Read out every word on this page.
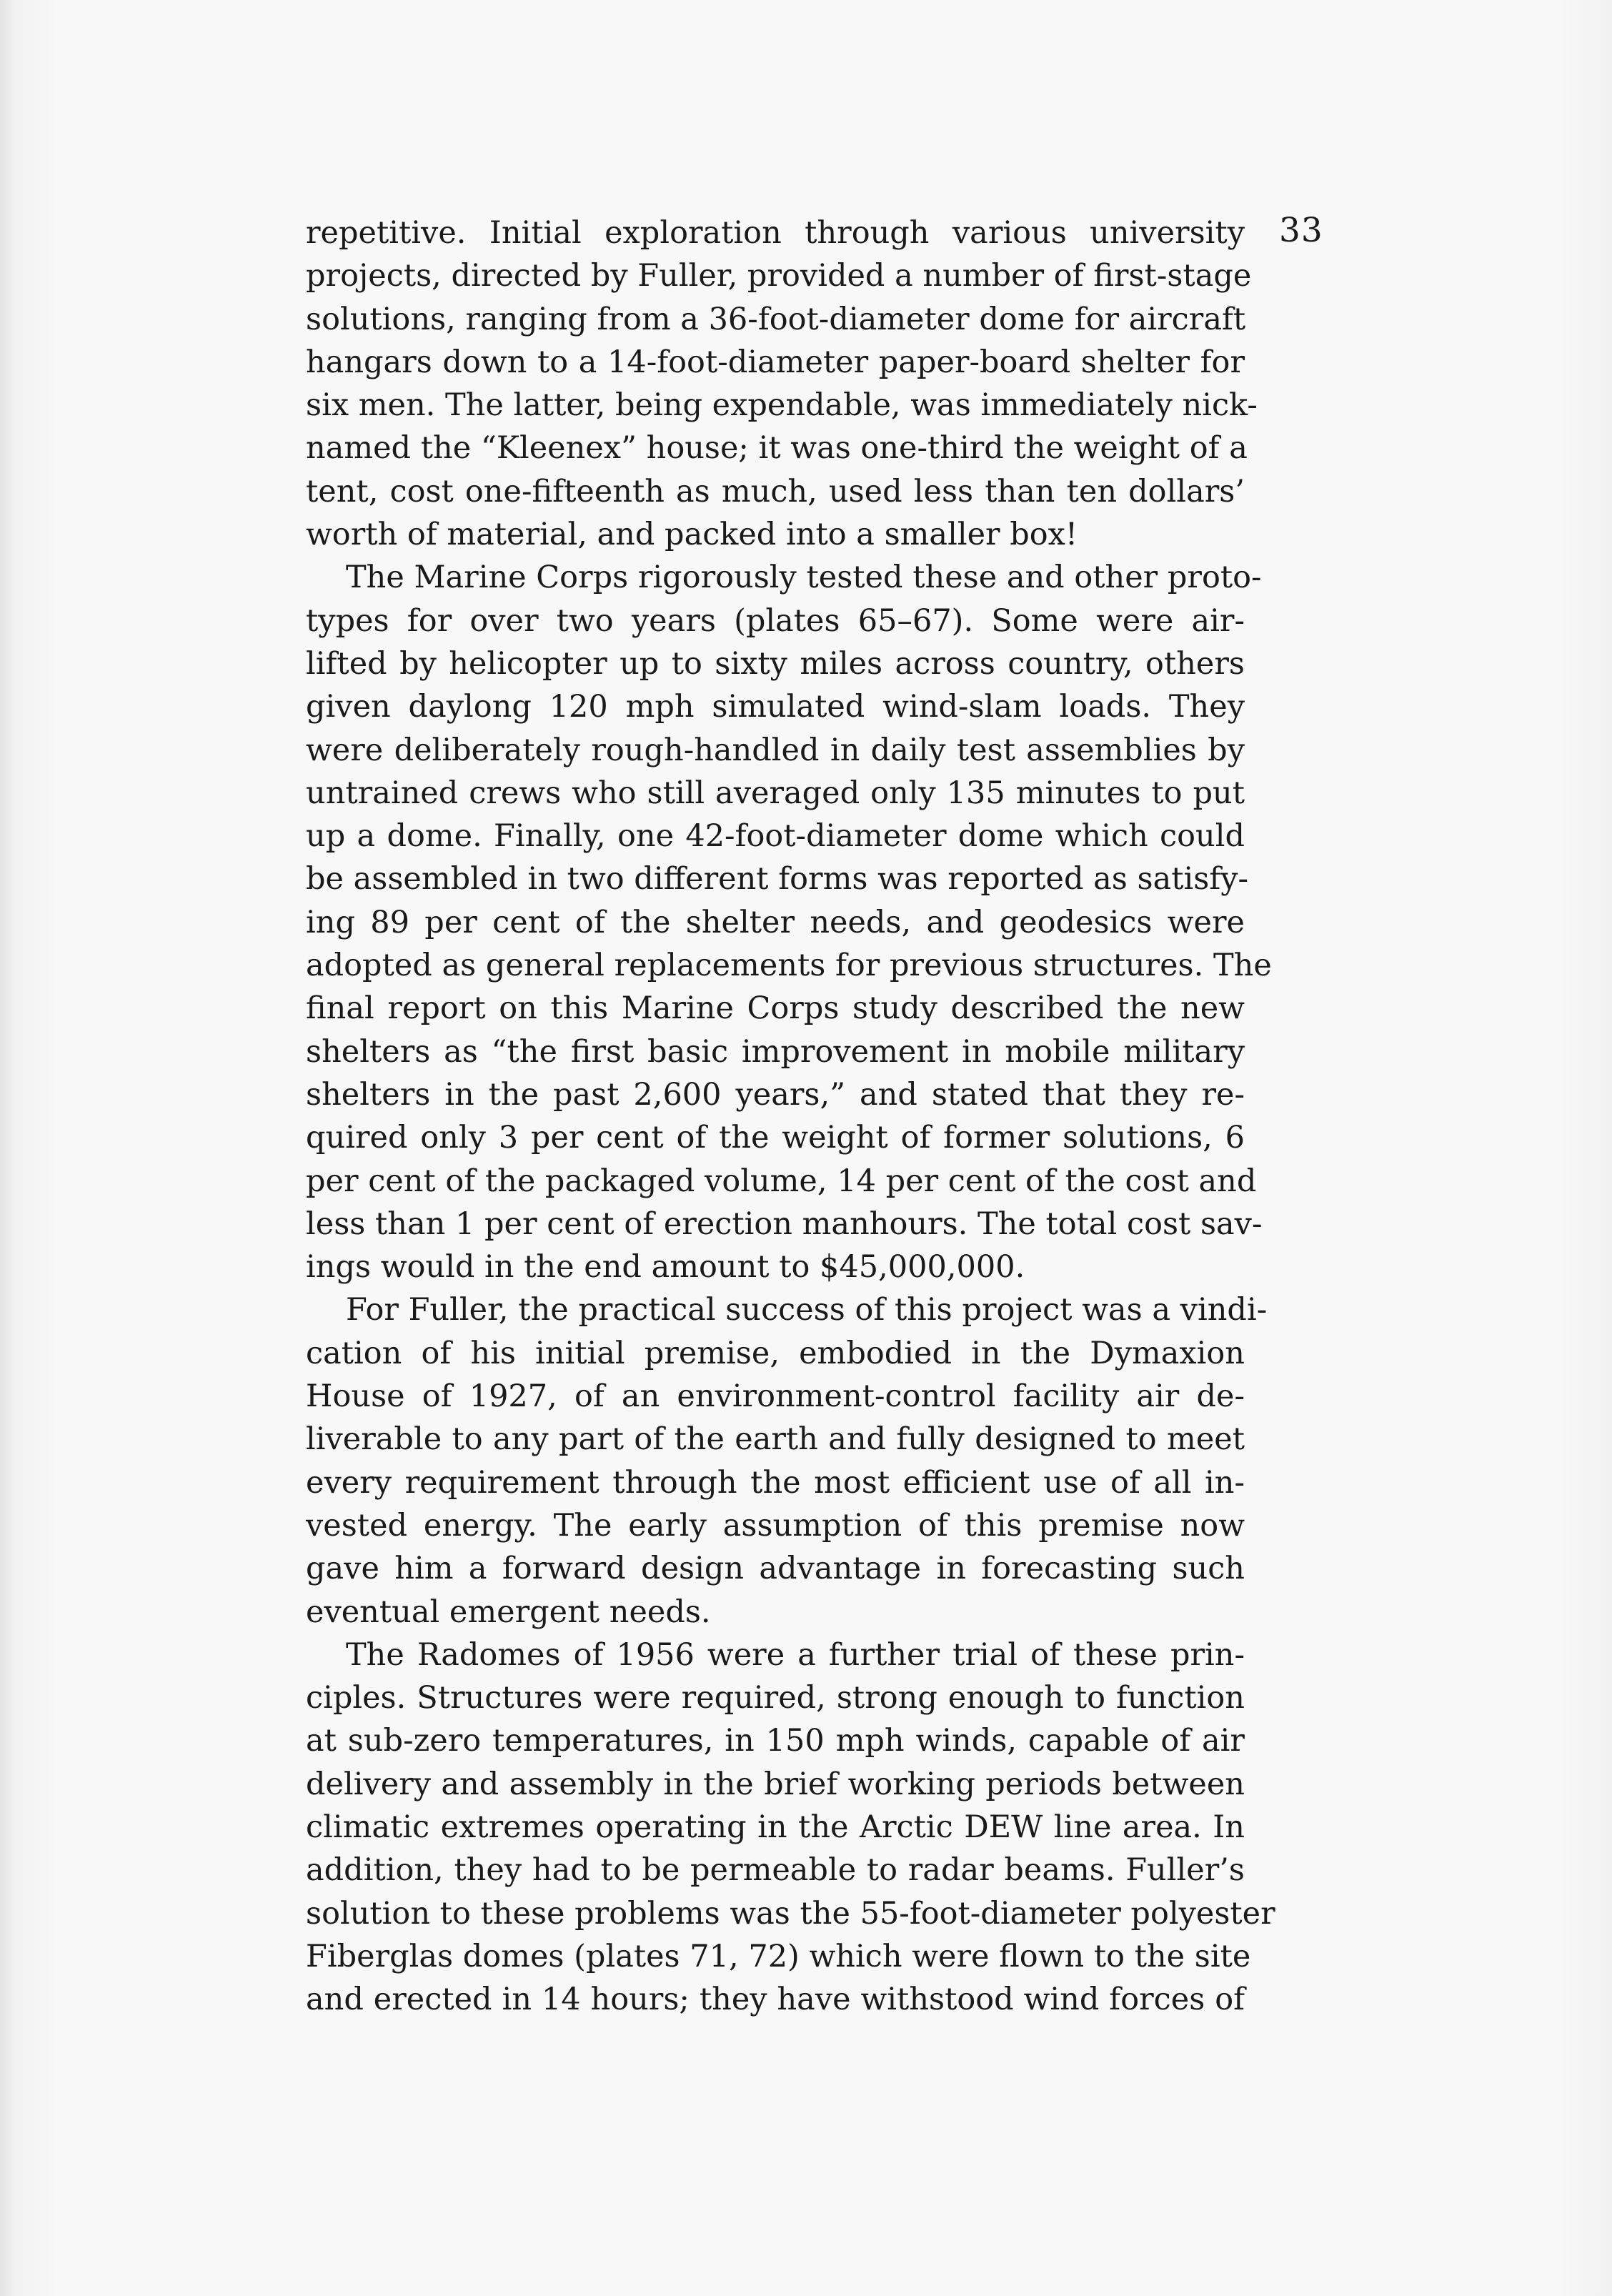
33
repetitive. Initial exploration through various university
projects, directed by Fuller, provided a number of first-stage
solutions, ranging from a 36-foot-diameter dome for aircraft
hangars down to a 14-foot-diameter paper-board shelter for
six men. The latter, being expendable, was immediately nick-
named the “Kleenex” house; it was one-third the weight of a
tent, cost one-fifteenth as much, used less than ten dollars’
worth of material, and packed into a smaller box!
The Marine Corps rigorously tested these and other proto-
types for over two years (plates 65–67). Some were air-
lifted by helicopter up to sixty miles across country, others
given daylong 120 mph simulated wind-slam loads. They
were deliberately rough-handled in daily test assemblies by
untrained crews who still averaged only 135 minutes to put
up a dome. Finally, one 42-foot-diameter dome which could
be assembled in two different forms was reported as satisfy-
ing 89 per cent of the shelter needs, and geodesics were
adopted as general replacements for previous structures. The
final report on this Marine Corps study described the new
shelters as “the first basic improvement in mobile military
shelters in the past 2,600 years,” and stated that they re-
quired only 3 per cent of the weight of former solutions, 6
per cent of the packaged volume, 14 per cent of the cost and
less than 1 per cent of erection manhours. The total cost sav-
ings would in the end amount to $45,000,000.
For Fuller, the practical success of this project was a vindi-
cation of his initial premise, embodied in the Dymaxion
House of 1927, of an environment-control facility air de-
liverable to any part of the earth and fully designed to meet
every requirement through the most efficient use of all in-
vested energy. The early assumption of this premise now
gave him a forward design advantage in forecasting such
eventual emergent needs.
The Radomes of 1956 were a further trial of these prin-
ciples. Structures were required, strong enough to function
at sub-zero temperatures, in 150 mph winds, capable of air
delivery and assembly in the brief working periods between
climatic extremes operating in the Arctic DEW line area. In
addition, they had to be permeable to radar beams. Fuller’s
solution to these problems was the 55-foot-diameter polyester
Fiberglas domes (plates 71, 72) which were flown to the site
and erected in 14 hours; they have withstood wind forces of
